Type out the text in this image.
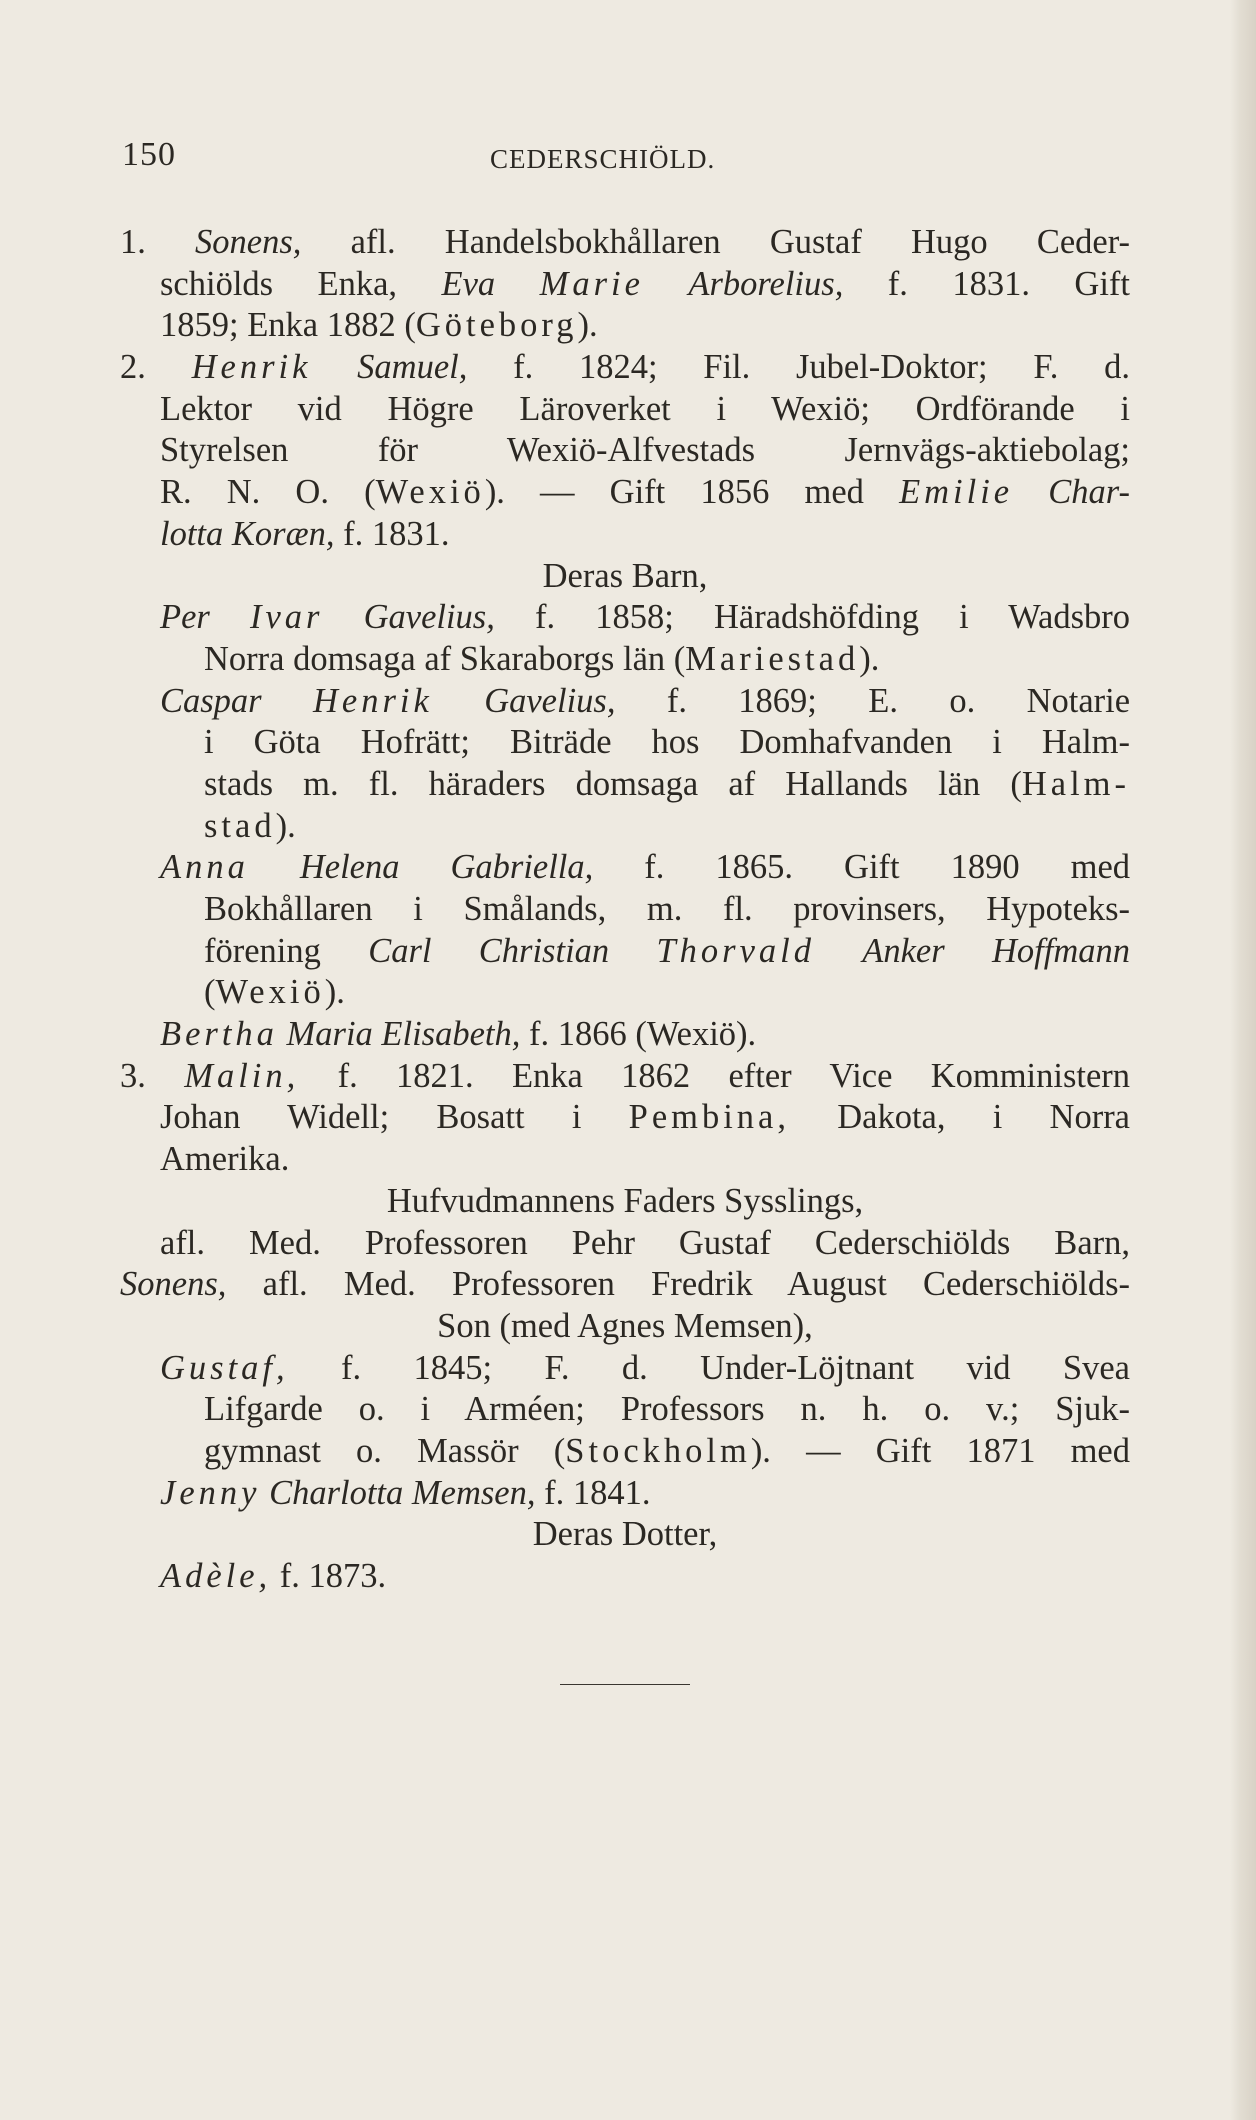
150	CEDERSCHIÖLD.
1. Sonens, afl. Handelsbokhållaren Gustaf Hugo Ceder-
schiölds Enka, Eva Marie Arborelius, f. 1831. Gift
1859; Enka 1882 (Göteborg).
2. Henrik Samuel, f. 1824; Fil. Jubel-Doktor; F. d.
Lektor vid Högre Läroverket i Wexiö; Ordförande i
Styrelsen för Wexiö-Alfvestads Jernvägs-aktiebolag;
R. N. O. (Wexiö). — Gift 1856 med Emilie Char-
lotta Koræn, f. 1831.
Deras Barn,
Per Ivar Gavelius, f. 1858; Häradshöfding i Wadsbro
Norra domsaga af Skaraborgs län (Mariestad).
Caspar Henrik Gavelius, f. 1869; E. o. Notarie
i Göta Hofrätt; Biträde hos Domhafvanden i Halm-
stads m. fl. häraders domsaga af Hallands län (Halm-
stad).
Anna Helena Gabriella, f. 1865. Gift 1890 med
Bokhållaren i Smålands, m. fl. provinsers, Hypoteks-
förening Carl Christian Thorvald Anker Hoffmann
(Wexiö).
Bertha Maria Elisabeth, f. 1866 (Wexiö).
3. Malin, f. 1821. Enka 1862 efter Vice Komministern
Johan Widell; Bosatt i Pembina, Dakota, i Norra
Amerika.
Hufvudmannens Faders Sysslings,
afl. Med. Professoren Pehr Gustaf Cederschiölds Barn,
Sonens, afl. Med. Professoren Fredrik August Cederschiölds-
Son (med Agnes Memsen),
Gustaf, f. 1845; F. d. Under-Löjtnant vid Svea
Lifgarde o. i Arméen; Professors n. h. o. v.; Sjuk-
gymnast o. Massör (Stockholm). — Gift 1871 med
Jenny Charlotta Memsen, f. 1841.
Deras Dotter,
Adèle, f. 1873.
